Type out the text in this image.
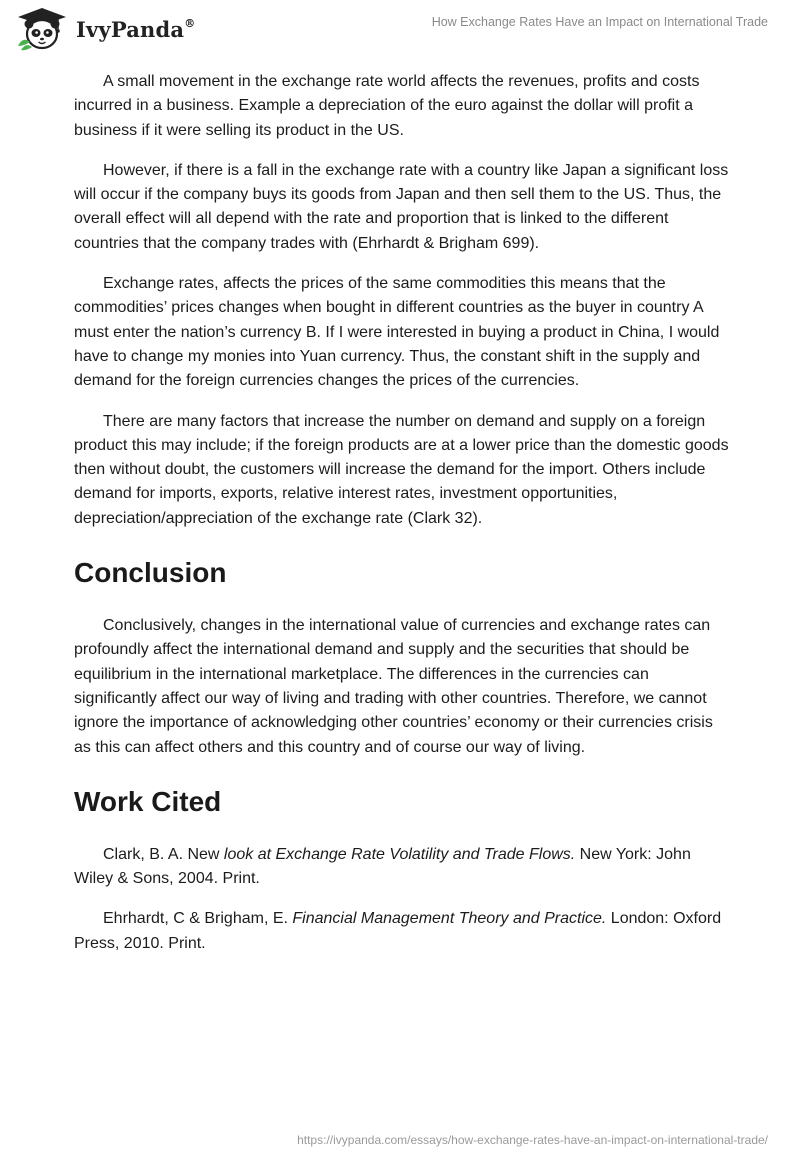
IvyPanda®	How Exchange Rates Have an Impact on International Trade

A small movement in the exchange rate world affects the revenues, profits and costs incurred in a business. Example a depreciation of the euro against the dollar will profit a business if it were selling its product in the US.

However, if there is a fall in the exchange rate with a country like Japan a significant loss will occur if the company buys its goods from Japan and then sell them to the US. Thus, the overall effect will all depend with the rate and proportion that is linked to the different countries that the company trades with (Ehrhardt & Brigham 699).

Exchange rates, affects the prices of the same commodities this means that the commodities’ prices changes when bought in different countries as the buyer in country A must enter the nation’s currency B. If I were interested in buying a product in China, I would have to change my monies into Yuan currency. Thus, the constant shift in the supply and demand for the foreign currencies changes the prices of the currencies.

There are many factors that increase the number on demand and supply on a foreign product this may include; if the foreign products are at a lower price than the domestic goods then without doubt, the customers will increase the demand for the import. Others include demand for imports, exports, relative interest rates, investment opportunities, depreciation/appreciation of the exchange rate (Clark 32).

Conclusion

Conclusively, changes in the international value of currencies and exchange rates can profoundly affect the international demand and supply and the securities that should be equilibrium in the international marketplace. The differences in the currencies can significantly affect our way of living and trading with other countries. Therefore, we cannot ignore the importance of acknowledging other countries’ economy or their currencies crisis as this can affect others and this country and of course our way of living.

Work Cited

Clark, B. A. New look at Exchange Rate Volatility and Trade Flows. New York: John Wiley & Sons, 2004. Print.

Ehrhardt, C & Brigham, E. Financial Management Theory and Practice. London: Oxford Press, 2010. Print.

https://ivypanda.com/essays/how-exchange-rates-have-an-impact-on-international-trade/
